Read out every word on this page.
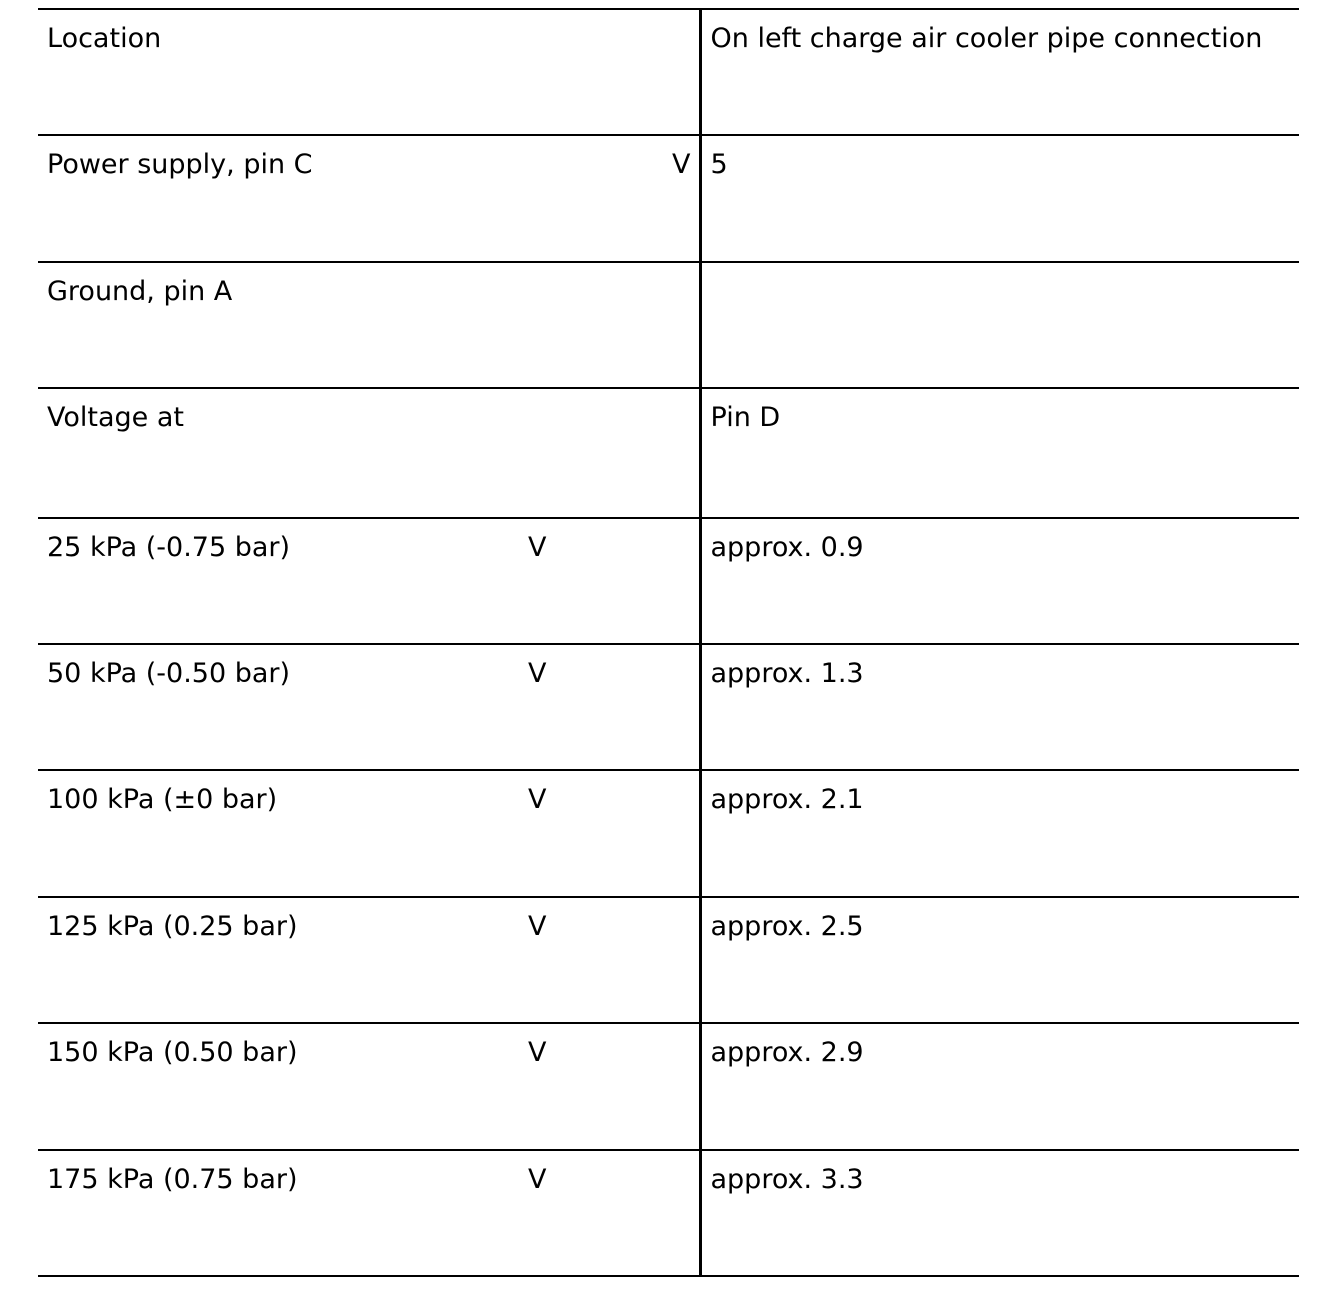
Location	On left charge air cooler pipe connection

Power supply, pin C V	5

Ground, pin A	

Voltage at	Pin D

25 kPa (-0.75 bar) V	approx. 0.9

50 kPa (-0.50 bar) V	approx. 1.3

100 kPa (±0 bar) V	approx. 2.1

125 kPa (0.25 bar) V	approx. 2.5

150 kPa (0.50 bar) V	approx. 2.9

175 kPa (0.75 bar) V	approx. 3.3
